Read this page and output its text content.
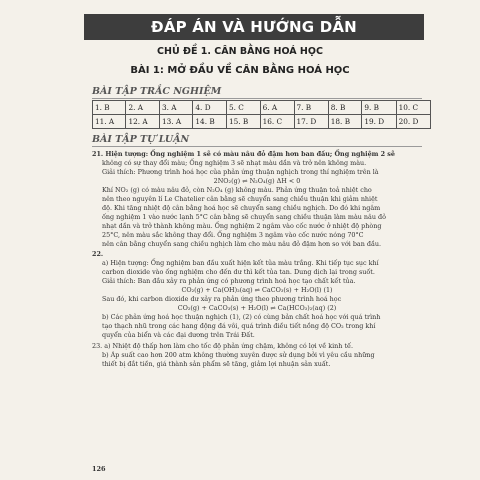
ĐÁP ÁN VÀ HƯỚNG DẪN
CHỦ ĐỀ 1. CÂN BẰNG HOÁ HỌC
BÀI 1: MỞ ĐẦU VỀ CÂN BẰNG HOÁ HỌC
BÀI TẬP TRẮC NGHIỆM
1. B	2. A	3. A	4. D	5. C	6. A	7. B	8. B	9. B	10. C
11. A	12. A	13. A	14. B	15. B	16. C	17. D	18. B	19. D	20. D
BÀI TẬP TỰ LUẬN

21. Hiện tượng: Ống nghiệm 1 sẽ có màu nâu đỏ đậm hơn ban đầu; Ống nghiệm 2 sẽ

không có sự thay đổi màu; Ống nghiệm 3 sẽ nhạt màu dần và trở nên không màu.

Giải thích: Phương trình hoá học của phản ứng thuận nghịch trong thí nghiệm trên là

2NO₂(g) ⇌ N₂O₄(g) ΔH < 0

Khí NO₂ (g) có màu nâu đỏ, còn N₂O₄ (g) không màu. Phản ứng thuận toả nhiệt cho

nên theo nguyên lí Le Chatelier cân bằng sẽ chuyển sang chiều thuận khi giảm nhiệt

độ. Khi tăng nhiệt độ cân bằng hoá học sẽ chuyển sang chiều nghịch. Do đó khi ngâm

ống nghiệm 1 vào nước lạnh 5°C cân bằng sẽ chuyển sang chiều thuận làm màu nâu đỏ

nhạt dần và trở thành không màu. Ống nghiệm 2 ngâm vào cốc nước ở nhiệt độ phòng

25°C, nên màu sắc không thay đổi. Ống nghiệm 3 ngâm vào cốc nước nóng 70°C

nên cân bằng chuyển sang chiều nghịch làm cho màu nâu đỏ đậm hơn so với ban đầu.

22.

a) Hiện tượng: Ống nghiệm ban đầu xuất hiện kết tủa màu trắng. Khi tiếp tục sục khí

carbon dioxide vào ống nghiệm cho đến dư thì kết tủa tan. Dung dịch lại trong suốt.

Giải thích: Ban đầu xảy ra phản ứng có phương trình hoá học tạo chất kết tủa.

CO₂(g) + Ca(OH)₂(aq) ⇌ CaCO₃(s) + H₂O(l) (1)

Sau đó, khi carbon dioxide dư xảy ra phản ứng theo phương trình hoá học

CO₂(g) + CaCO₃(s) + H₂O(l) ⇌ Ca(HCO₃)₂(aq) (2)

b) Các phản ứng hoá học thuận nghịch (1), (2) có cùng bản chất hoá học với quá trình

tạo thạch nhũ trong các hang động đá vôi, quá trình điều tiết nồng độ CO₂ trong khí

quyển của biển và các đại dương trên Trái Đất.

23. a) Nhiệt độ thấp hơn làm cho tốc độ phản ứng chậm, không có lợi về kinh tế.

b) Áp suất cao hơn 200 atm không thường xuyên được sử dụng bởi vì yêu cầu những

thiết bị đắt tiền, giá thành sản phẩm sẽ tăng, giảm lợi nhuận sản xuất.

126
